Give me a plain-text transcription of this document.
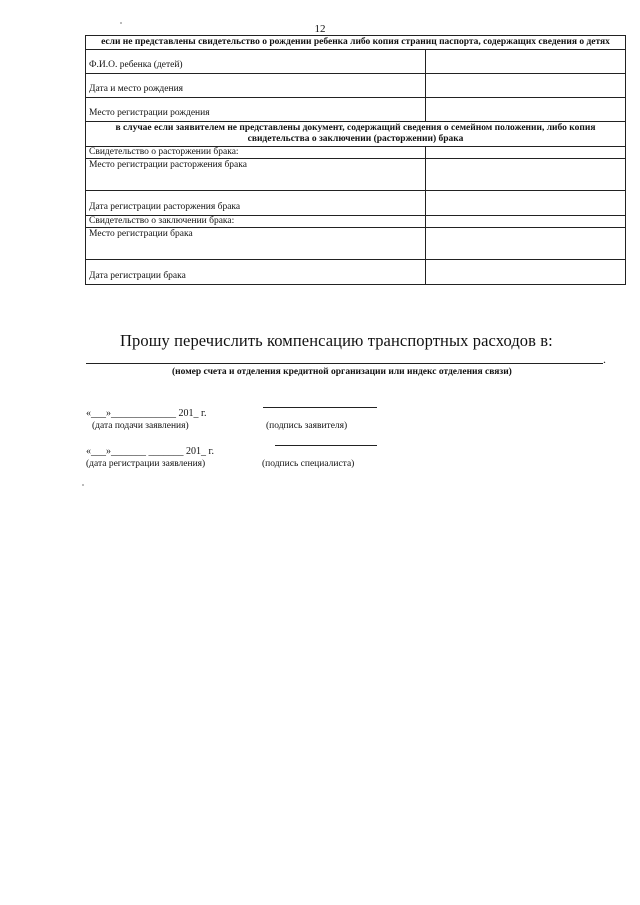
12
если не представлены свидетельство о рождении ребенка либо копия страниц паспорта, содержащих сведения о детях	
Ф.И.О. ребенка (детей)	
Дата и место рождения	
Место регистрации рождения	
в случае если заявителем не представлены документ, содержащий сведения о семейном положении, либо копия свидетельства о заключении (расторжении) брака	
Свидетельство о расторжении брака:	
Место регистрации расторжения брака	
Дата регистрации расторжения брака	
Свидетельство о заключении брака:	
Место регистрации брака	
Дата регистрации брака	
Прошу перечислить компенсацию транспортных расходов в:
.
(номер счета и отделения кредитной организации или индекс отделения связи)
«___»_____________ 201_ г.
(дата подачи заявления)	(подпись заявителя)
«___»_______ _______ 201_ г.
(дата регистрации заявления)	(подпись специалиста)
